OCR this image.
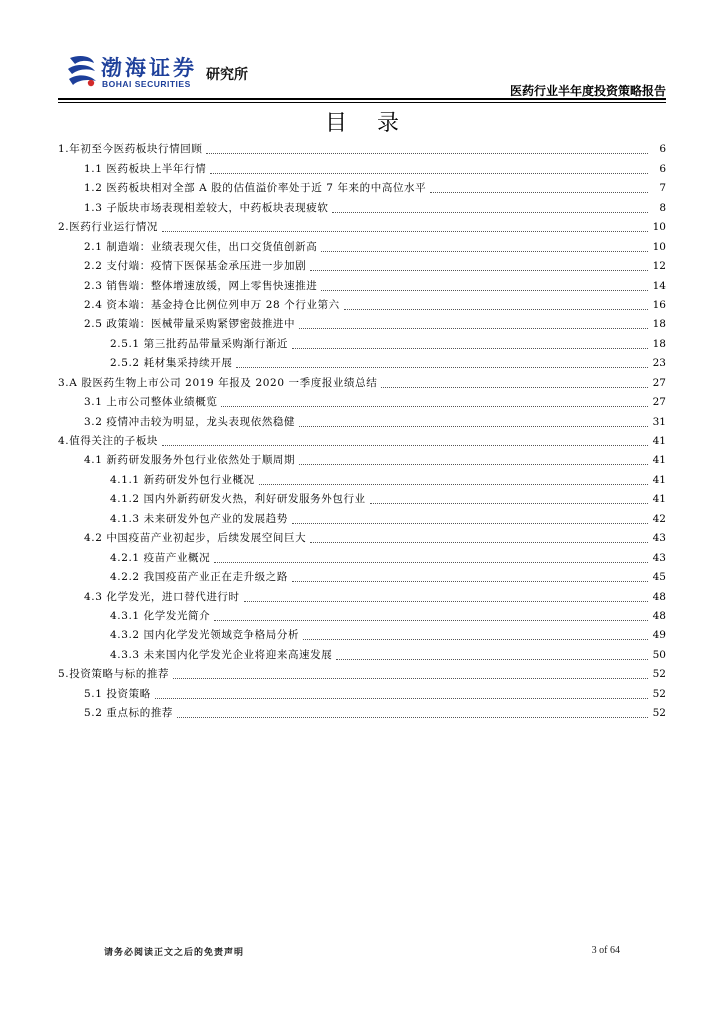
渤海证券
BOHAI SECURITIES
研究所
医药行业半年度投资策略报告
目录
1.年初至今医药板块行情回顾	6
1.1 医药板块上半年行情	6
1.2 医药板块相对全部 A 股的估值溢价率处于近 7 年来的中高位水平	7
1.3 子版块市场表现相差较大，中药板块表现疲软	8
2.医药行业运行情况	10
2.1 制造端：业绩表现欠佳，出口交货值创新高	10
2.2 支付端：疫情下医保基金承压进一步加剧	12
2.3 销售端：整体增速放缓，网上零售快速推进	14
2.4 资本端：基金持仓比例位列申万 28 个行业第六	16
2.5 政策端：医械带量采购紧锣密鼓推进中	18
2.5.1 第三批药品带量采购渐行渐近	18
2.5.2 耗材集采持续开展	23
3.A 股医药生物上市公司 2019 年报及 2020 一季度报业绩总结	27
3.1 上市公司整体业绩概览	27
3.2 疫情冲击较为明显，龙头表现依然稳健	31
4.值得关注的子板块	41
4.1 新药研发服务外包行业依然处于顺周期	41
4.1.1 新药研发外包行业概况	41
4.1.2 国内外新药研发火热，利好研发服务外包行业	41
4.1.3 未来研发外包产业的发展趋势	42
4.2 中国疫苗产业初起步，后续发展空间巨大	43
4.2.1 疫苗产业概况	43
4.2.2 我国疫苗产业正在走升级之路	45
4.3 化学发光，进口替代进行时	48
4.3.1 化学发光简介	48
4.3.2 国内化学发光领域竞争格局分析	49
4.3.3 未来国内化学发光企业将迎来高速发展	50
5.投资策略与标的推荐	52
5.1 投资策略	52
5.2 重点标的推荐	52
请务必阅读正文之后的免责声明	3 of 64
